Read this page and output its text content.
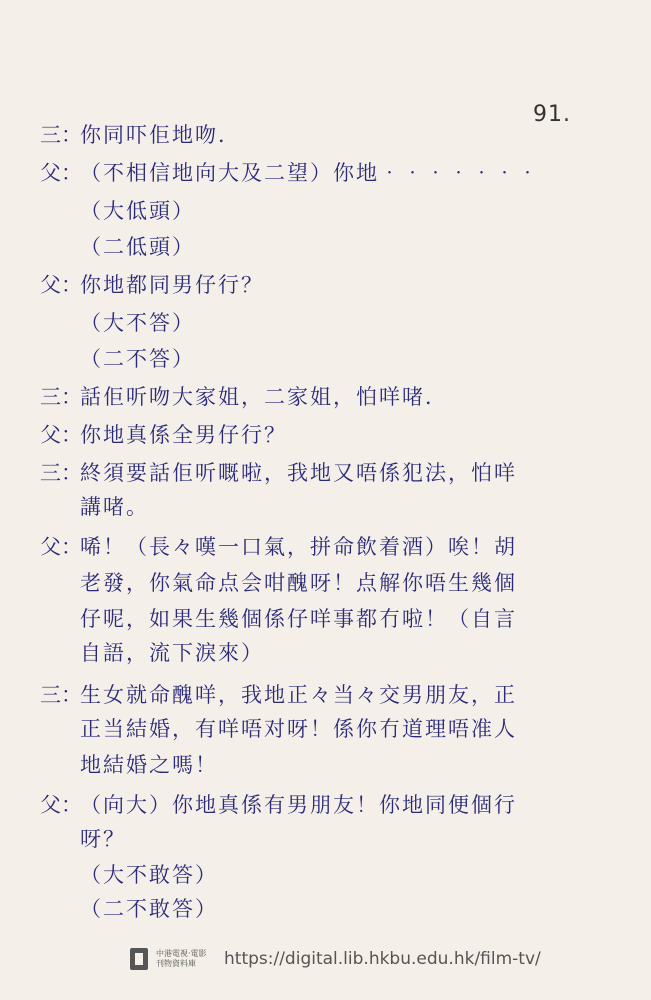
91.
三：你同吓佢地吻．
父：（不相信地向大及二望）你地‧‧‧‧‧‧‧
（大低頭）
（二低頭）
父：你地都同男仔行？
（大不答）
（二不答）
三：話佢听吻大家姐，二家姐，怕咩啫．
父：你地真係全男仔行？
三：終須要話佢听嘅啦，我地又唔係犯法，怕咩
講啫。
父：唏！（長々嘆一口氣，拼命飲着酒）唉！胡
老發，你氣命点会咁醜呀！点解你唔生幾個
仔呢，如果生幾個係仔咩事都冇啦！（自言
自語，流下淚來）
三：生女就命醜咩，我地正々当々交男朋友，正
正当結婚，有咩唔对呀！係你冇道理唔准人
地結婚之嗎！
父：（向大）你地真係有男朋友！你地同便個行
呀？
（大不敢答）
（二不敢答）
中港電視‧電影
刊物資料庫	https://digital.lib.hkbu.edu.hk/film-tv/
